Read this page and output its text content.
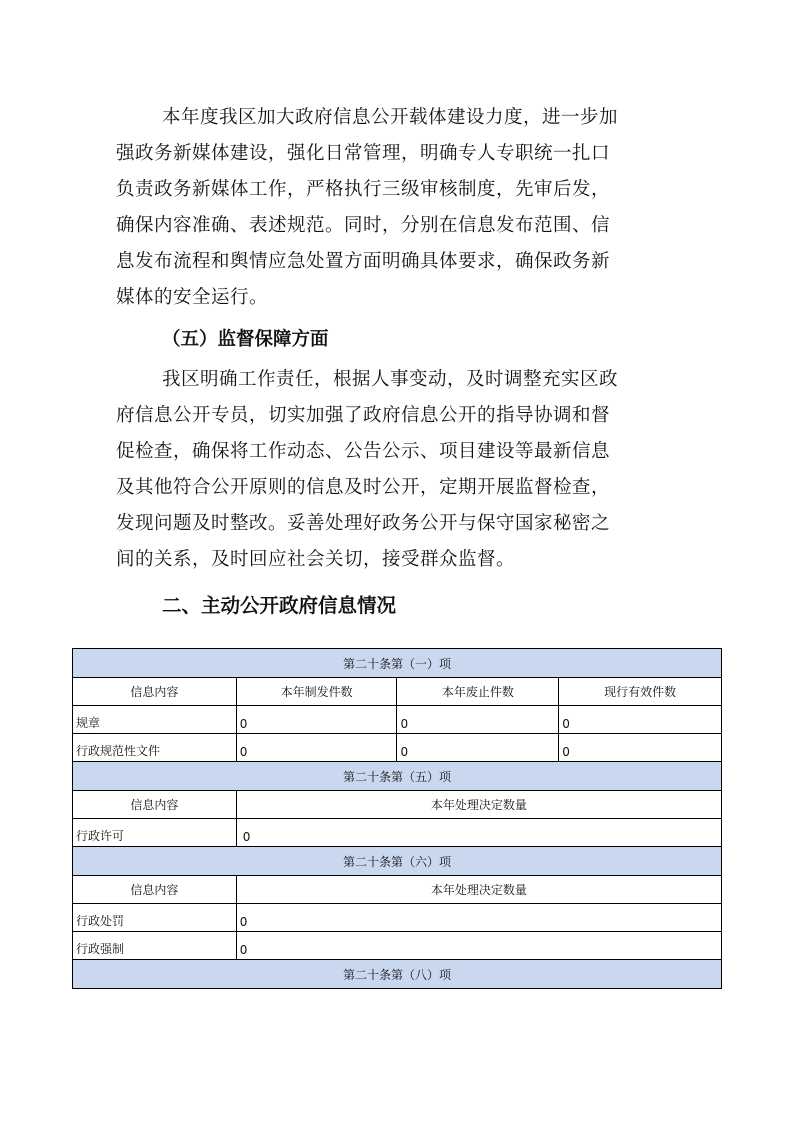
本年度我区加大政府信息公开载体建设力度，进一步加
强政务新媒体建设，强化日常管理，明确专人专职统一扎口
负责政务新媒体工作，严格执行三级审核制度，先审后发，
确保内容准确、表述规范。同时，分别在信息发布范围、信
息发布流程和舆情应急处置方面明确具体要求，确保政务新
媒体的安全运行。
（五）监督保障方面
我区明确工作责任，根据人事变动，及时调整充实区政
府信息公开专员，切实加强了政府信息公开的指导协调和督
促检查，确保将工作动态、公告公示、项目建设等最新信息
及其他符合公开原则的信息及时公开，定期开展监督检查，
发现问题及时整改。妥善处理好政务公开与保守国家秘密之
间的关系，及时回应社会关切，接受群众监督。
二、主动公开政府信息情况
第二十条第（一）项			
信息内容	本年制发件数	本年废止件数	现行有效件数
规章	0	0	0
行政规范性文件	0	0	0
第二十条第（五）项			
信息内容	本年处理决定数量		
行政许可	0		
第二十条第（六）项			
信息内容	本年处理决定数量		
行政处罚	0		
行政强制	0		
第二十条第（八）项			
